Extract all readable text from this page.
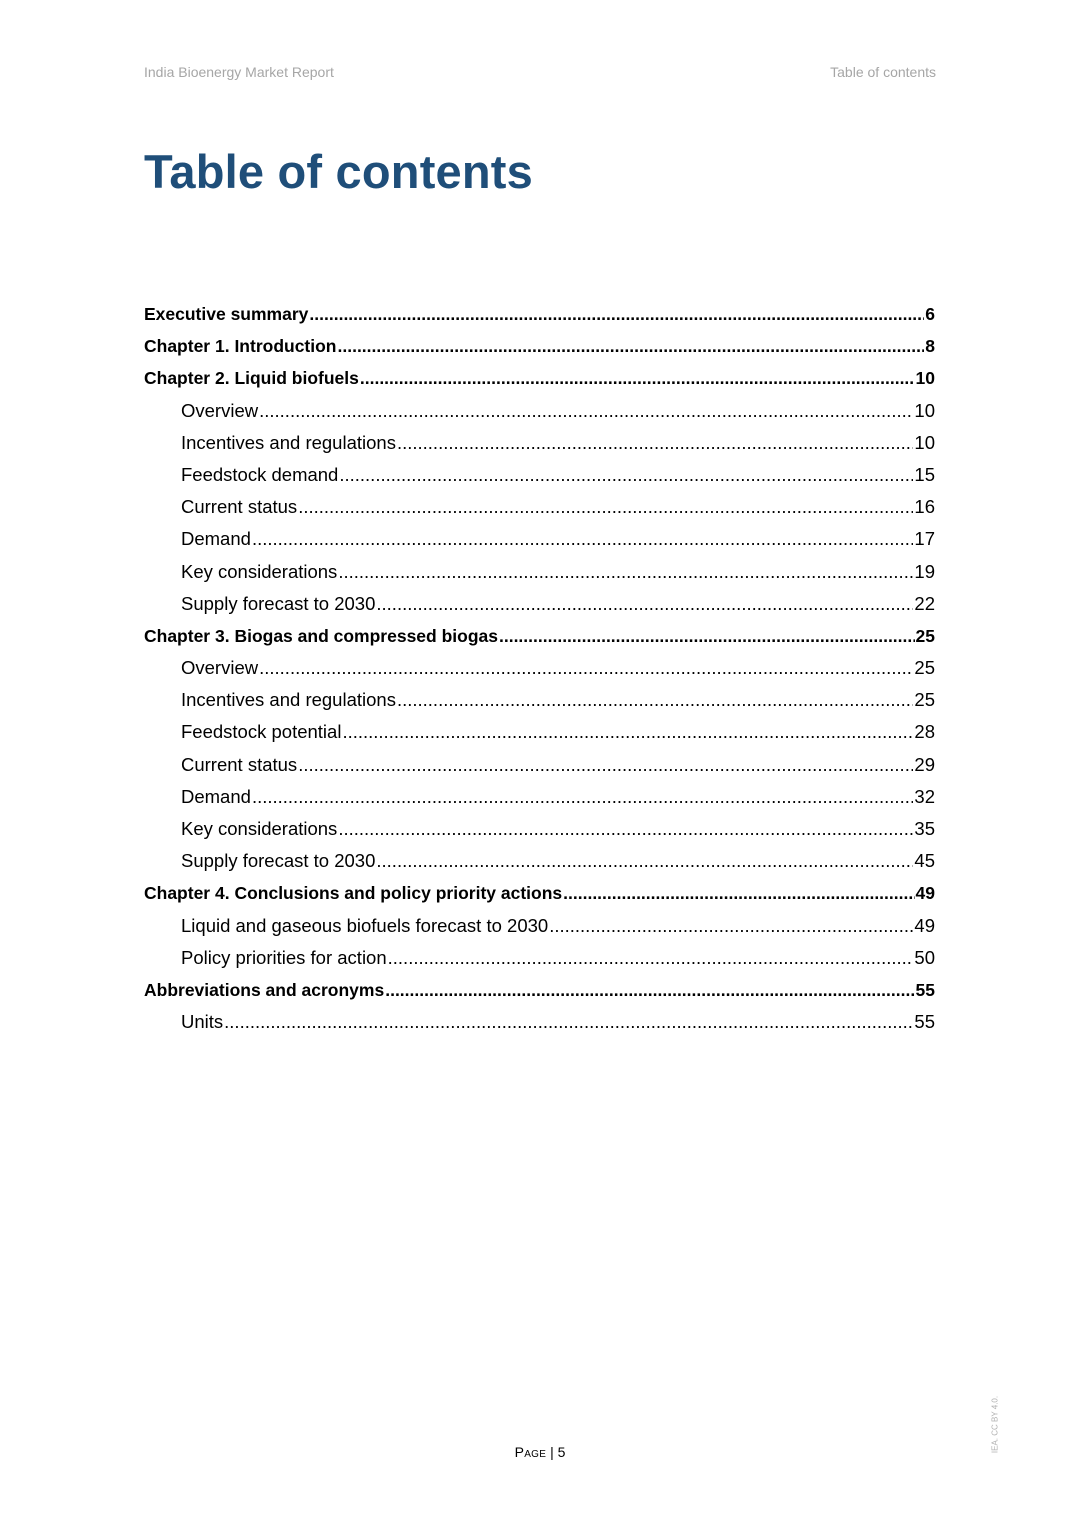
India Bioenergy Market Report	Table of contents
Table of contents
Executive summary .....	6
Chapter 1. Introduction .....	8
Chapter 2. Liquid biofuels .....	10
Overview .....	10
Incentives and regulations .....	10
Feedstock demand .....	15
Current status .....	16
Demand .....	17
Key considerations .....	19
Supply forecast to 2030 .....	22
Chapter 3. Biogas and compressed biogas .....	25
Overview .....	25
Incentives and regulations .....	25
Feedstock potential .....	28
Current status .....	29
Demand .....	32
Key considerations .....	35
Supply forecast to 2030 .....	45
Chapter 4. Conclusions and policy priority actions .....	49
Liquid and gaseous biofuels forecast to 2030 .....	49
Policy priorities for action .....	50
Abbreviations and acronyms .....	55
Units .....	55
Page | 5	IEA. CC BY 4.0.
